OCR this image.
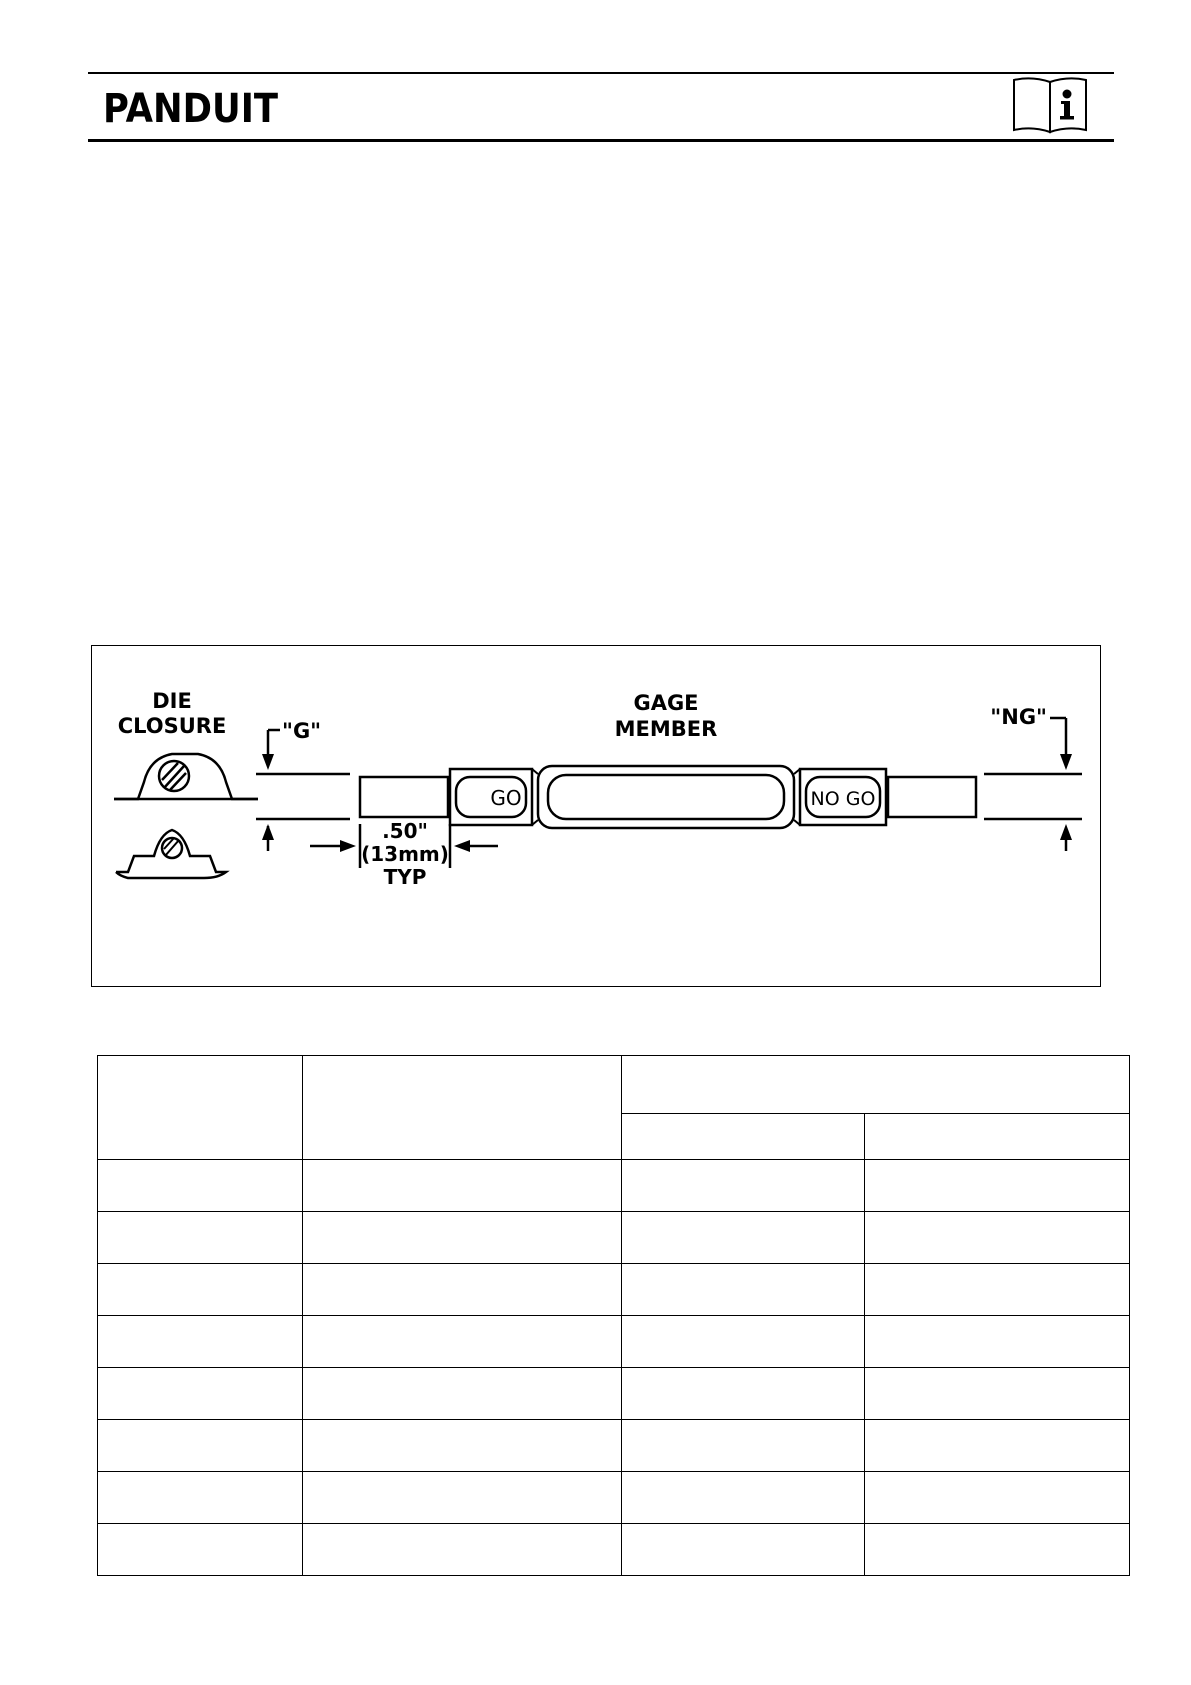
PANDUIT
DIE
CLOSURE	"G"
GAGE
MEMBER	"NG"
GO	NO GO
.50"
(13mm)
TYP
